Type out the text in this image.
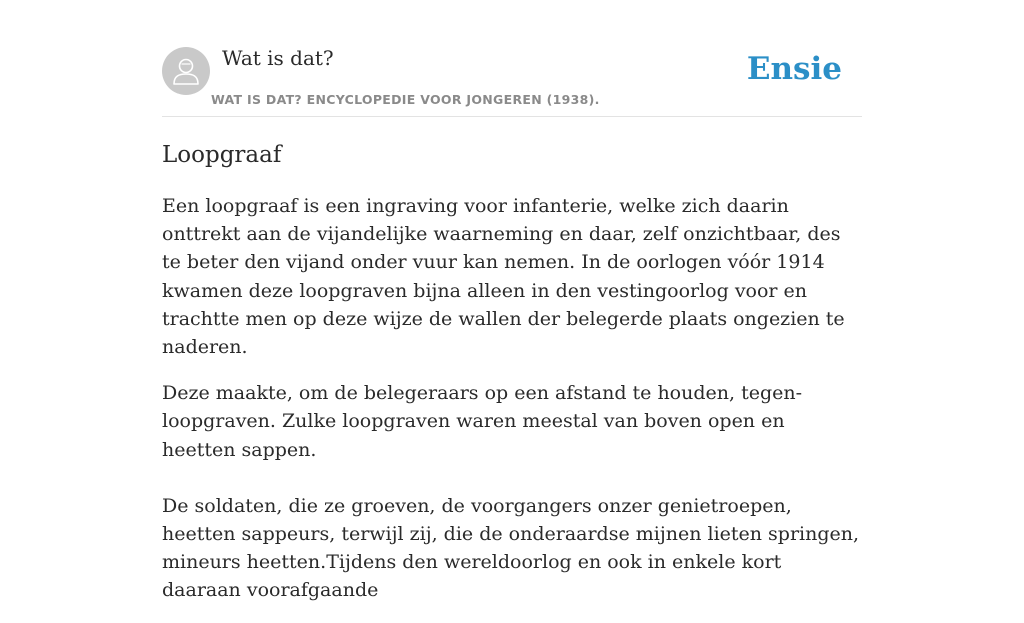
Wat is dat?
WAT IS DAT? ENCYCLOPEDIE VOOR JONGEREN (1938).
Ensie
Loopgraaf

Een loopgraaf is een ingraving voor infanterie, welke zich daarin onttrekt aan de vijandelijke waarneming en daar, zelf onzichtbaar, des te beter den vijand onder vuur kan nemen. In de oorlogen vóór 1914 kwamen deze loopgraven bijna alleen in den vestingoorlog voor en trachtte men op deze wijze de wallen der belegerde plaats ongezien te naderen.

Deze maakte, om de belegeraars op een afstand te houden, tegen-loopgraven. Zulke loopgraven waren meestal van boven open en heetten sappen.

De soldaten, die ze groeven, de voorgangers onzer genietroepen, heetten sappeurs, terwijl zij, die de onderaardse mijnen lieten springen, mineurs heetten.Tijdens den wereldoorlog en ook in enkele kort daaraan voorafgaande
